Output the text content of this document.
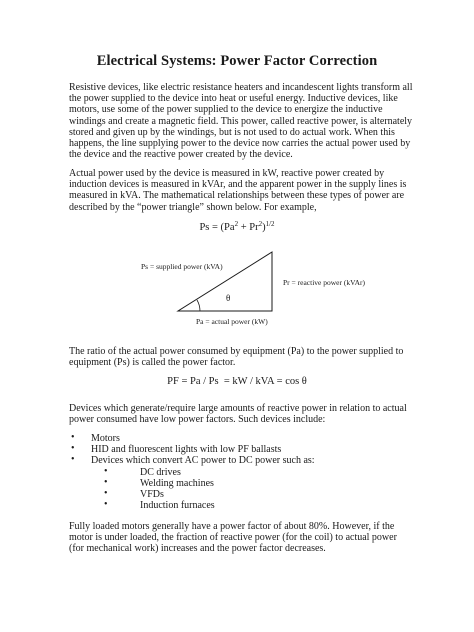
Electrical Systems: Power Factor Correction

Resistive devices, like electric resistance heaters and incandescent lights transform all the power supplied to the device into heat or useful energy. Inductive devices, like motors, use some of the power supplied to the device to energize the inductive windings and create a magnetic field. This power, called reactive power, is alternately stored and given up by the windings, but is not used to do actual work. When this happens, the line supplying power to the device now carries the actual power used by the device and the reactive power created by the device.

Actual power used by the device is measured in kW, reactive power created by induction devices is measured in kVAr, and the apparent power in the supply lines is measured in kVA. The mathematical relationships between these types of power are described by the “power triangle” shown below. For example,

$Ps = (Pa^2 + Pr^2)^{1/2}$
Ps = supplied power (kVA)
Pr = reactive power (kVAr)
Pa = actual power (kW)
θ

The ratio of the actual power consumed by equipment (Pa) to the power supplied to equipment (Ps) is called the power factor.

PF = Pa / Ps  = kW / kVA = cos θ

Devices which generate/require large amounts of reactive power in relation to actual power consumed have low power factors. Such devices include:

• Motors
• HID and fluorescent lights with low PF ballasts
• Devices which convert AC power to DC power such as:
•	DC drives
•	Welding machines
•	VFDs
•	Induction furnaces

Fully loaded motors generally have a power factor of about 80%. However, if the motor is under loaded, the fraction of reactive power (for the coil) to actual power (for mechanical work) increases and the power factor decreases.
